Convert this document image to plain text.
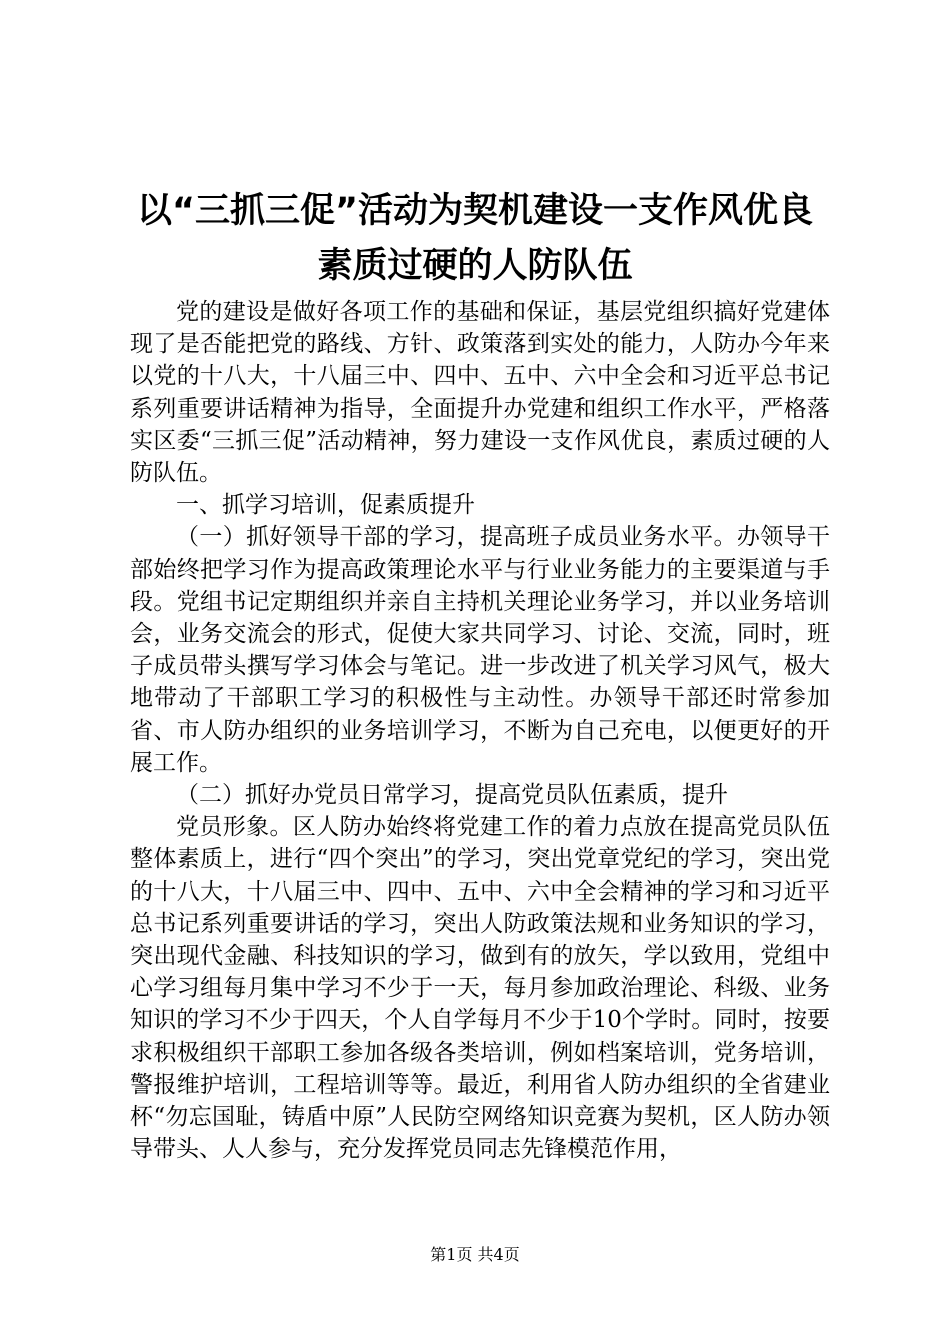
以“三抓三促”活动为契机建设一支作风优良
素质过硬的人防队伍

党的建设是做好各项工作的基础和保证，基层党组织搞好党建体现了是否能把党的路线、方针、政策落到实处的能力，人防办今年来以党的十八大，十八届三中、四中、五中、六中全会和习近平总书记系列重要讲话精神为指导，全面提升办党建和组织工作水平，严格落实区委“三抓三促”活动精神，努力建设一支作风优良，素质过硬的人防队伍。

一、抓学习培训，促素质提升

（一）抓好领导干部的学习，提高班子成员业务水平。办领导干部始终把学习作为提高政策理论水平与行业业务能力的主要渠道与手段。党组书记定期组织并亲自主持机关理论业务学习，并以业务培训会，业务交流会的形式，促使大家共同学习、讨论、交流，同时，班子成员带头撰写学习体会与笔记。进一步改进了机关学习风气，极大地带动了干部职工学习的积极性与主动性。办领导干部还时常参加省、市人防办组织的业务培训学习，不断为自己充电，以便更好的开展工作。

（二）抓好办党员日常学习，提高党员队伍素质，提升

党员形象。区人防办始终将党建工作的着力点放在提高党员队伍整体素质上，进行“四个突出”的学习，突出党章党纪的学习，突出党的十八大，十八届三中、四中、五中、六中全会精神的学习和习近平总书记系列重要讲话的学习，突出人防政策法规和业务知识的学习，突出现代金融、科技知识的学习，做到有的放矢，学以致用，党组中心学习组每月集中学习不少于一天，每月参加政治理论、科级、业务知识的学习不少于四天，个人自学每月不少于10个学时。同时，按要求积极组织干部职工参加各级各类培训，例如档案培训，党务培训，警报维护培训，工程培训等等。最近，利用省人防办组织的全省建业杯“勿忘国耻，铸盾中原”人民防空网络知识竞赛为契机，区人防办领导带头、人人参与，充分发挥党员同志先锋模范作用，

第1页 共4页
